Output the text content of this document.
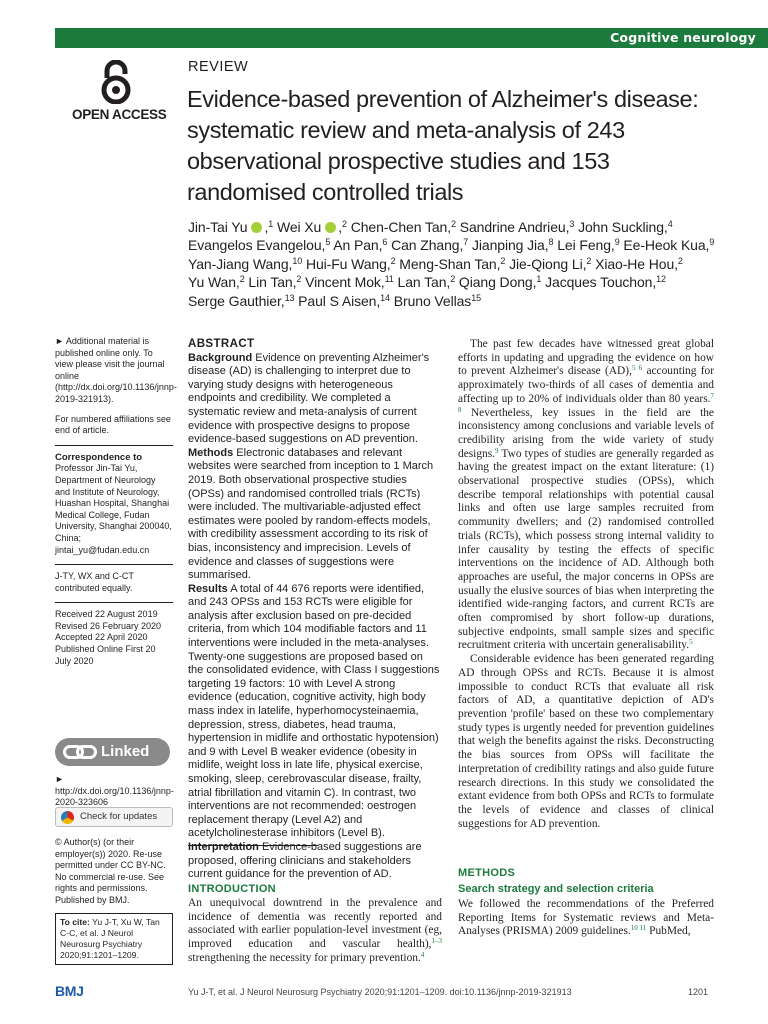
Cognitive neurology
OPEN ACCESS
REVIEW
Evidence-based prevention of Alzheimer's disease: systematic review and meta-analysis of 243 observational prospective studies and 153 randomised controlled trials
Jin-Tai Yu ,$^1$ Wei Xu ,$^2$ Chen-Chen Tan,$^2$ Sandrine Andrieu,$^3$ John Suckling,$^4$
Evangelos Evangelou,$^5$ An Pan,$^6$ Can Zhang,$^7$ Jianping Jia,$^8$ Lei Feng,$^9$ Ee-Heok Kua,$^9$
Yan-Jiang Wang,$^{10}$ Hui-Fu Wang,$^2$ Meng-Shan Tan,$^2$ Jie-Qiong Li,$^2$ Xiao-He Hou,$^2$
Yu Wan,$^2$ Lin Tan,$^2$ Vincent Mok,$^{11}$ Lan Tan,$^2$ Qiang Dong,$^1$ Jacques Touchon,$^{12}$
Serge Gauthier,$^{13}$ Paul S Aisen,$^{14}$ Bruno Vellas$^{15}$
► Additional material is published online only. To view please visit the journal online (http://dx.doi.org/10.1136/jnnp-2019-321913).
For numbered affiliations see end of article.
Correspondence to
Professor Jin-Tai Yu, Department of Neurology and Institute of Neurology, Huashan Hospital, Shanghai Medical College, Fudan University, Shanghai 200040, China; jintai_yu@fudan.edu.cn
J-TY, WX and C-CT contributed equally.
Received 22 August 2019
Revised 26 February 2020
Accepted 22 April 2020
Published Online First 20 July 2020
Linked
► http://dx.doi.org/10.1136/jnnp-2020-323606
Check for updates
© Author(s) (or their employer(s)) 2020. Re-use permitted under CC BY-NC. No commercial re-use. See rights and permissions. Published by BMJ.
To cite: Yu J-T, Xu W, Tan C-C, et al. J Neurol Neurosurg Psychiatry
2020;91:1201–1209.
ABSTRACT
Background Evidence on preventing Alzheimer's disease (AD) is challenging to interpret due to varying study designs with heterogeneous endpoints and credibility. We completed a systematic review and meta-analysis of current evidence with prospective designs to propose evidence-based suggestions on AD prevention.
Methods Electronic databases and relevant websites were searched from inception to 1 March 2019. Both observational prospective studies (OPSs) and randomised controlled trials (RCTs) were included. The multivariable-adjusted effect estimates were pooled by random-effects models, with credibility assessment according to its risk of bias, inconsistency and imprecision. Levels of evidence and classes of suggestions were summarised.
Results A total of 44 676 reports were identified, and 243 OPSs and 153 RCTs were eligible for analysis after exclusion based on pre-decided criteria, from which 104 modifiable factors and 11 interventions were included in the meta-analyses. Twenty-one suggestions are proposed based on the consolidated evidence, with Class I suggestions targeting 19 factors: 10 with Level A strong evidence (education, cognitive activity, high body mass index in latelife, hyperhomocysteinaemia, depression, stress, diabetes, head trauma, hypertension in midlife and orthostatic hypotension) and 9 with Level B weaker evidence (obesity in midlife, weight loss in late life, physical exercise, smoking, sleep, cerebrovascular disease, frailty, atrial fibrillation and vitamin C). In contrast, two interventions are not recommended: oestrogen replacement therapy (Level A2) and acetylcholinesterase inhibitors (Level B).
Interpretation Evidence-based suggestions are proposed, offering clinicians and stakeholders current guidance for the prevention of AD.
INTRODUCTION
An unequivocal downtrend in the prevalence and incidence of dementia was recently reported and associated with earlier population-level investment (eg, improved education and vascular health),$^{1-3}$ strengthening the necessity for primary prevention.$^4$

The past few decades have witnessed great global efforts in updating and upgrading the evidence on how to prevent Alzheimer's disease (AD),$^{5 6}$ accounting for approximately two-thirds of all cases of dementia and affecting up to 20% of individuals older than 80 years.$^{7 8}$ Nevertheless, key issues in the field are the inconsistency among conclusions and variable levels of credibility arising from the wide variety of study designs.$^9$ Two types of studies are generally regarded as having the greatest impact on the extant literature: (1) observational prospective studies (OPSs), which describe temporal relationships with potential causal links and often use large samples recruited from community dwellers; and (2) randomised controlled trials (RCTs), which possess strong internal validity to infer causality by testing the effects of specific interventions on the incidence of AD. Although both approaches are useful, the major concerns in OPSs are usually the elusive sources of bias when interpreting the identified wide-ranging factors, and current RCTs are often compromised by short follow-up durations, subjective endpoints, small sample sizes and specific recruitment criteria with uncertain generalisability.$^5$

Considerable evidence has been generated regarding AD through OPSs and RCTs. Because it is almost impossible to conduct RCTs that evaluate all risk factors of AD, a quantitative depiction of AD's prevention 'profile' based on these two complementary study types is urgently needed for prevention guidelines that weigh the benefits against the risks. Deconstructing the bias sources from OPSs will facilitate the interpretation of credibility ratings and also guide future research directions. In this study we consolidated the extant evidence from both OPSs and RCTs to formulate the levels of evidence and classes of clinical suggestions for AD prevention.

METHODS
Search strategy and selection criteria
We followed the recommendations of the Preferred Reporting Items for Systematic reviews and Meta-Analyses (PRISMA) 2009 guidelines.$^{10 11}$ PubMed,
BMJ	Yu J-T, et al. J Neurol Neurosurg Psychiatry 2020;91:1201–1209. doi:10.1136/jnnp-2019-321913	1201
